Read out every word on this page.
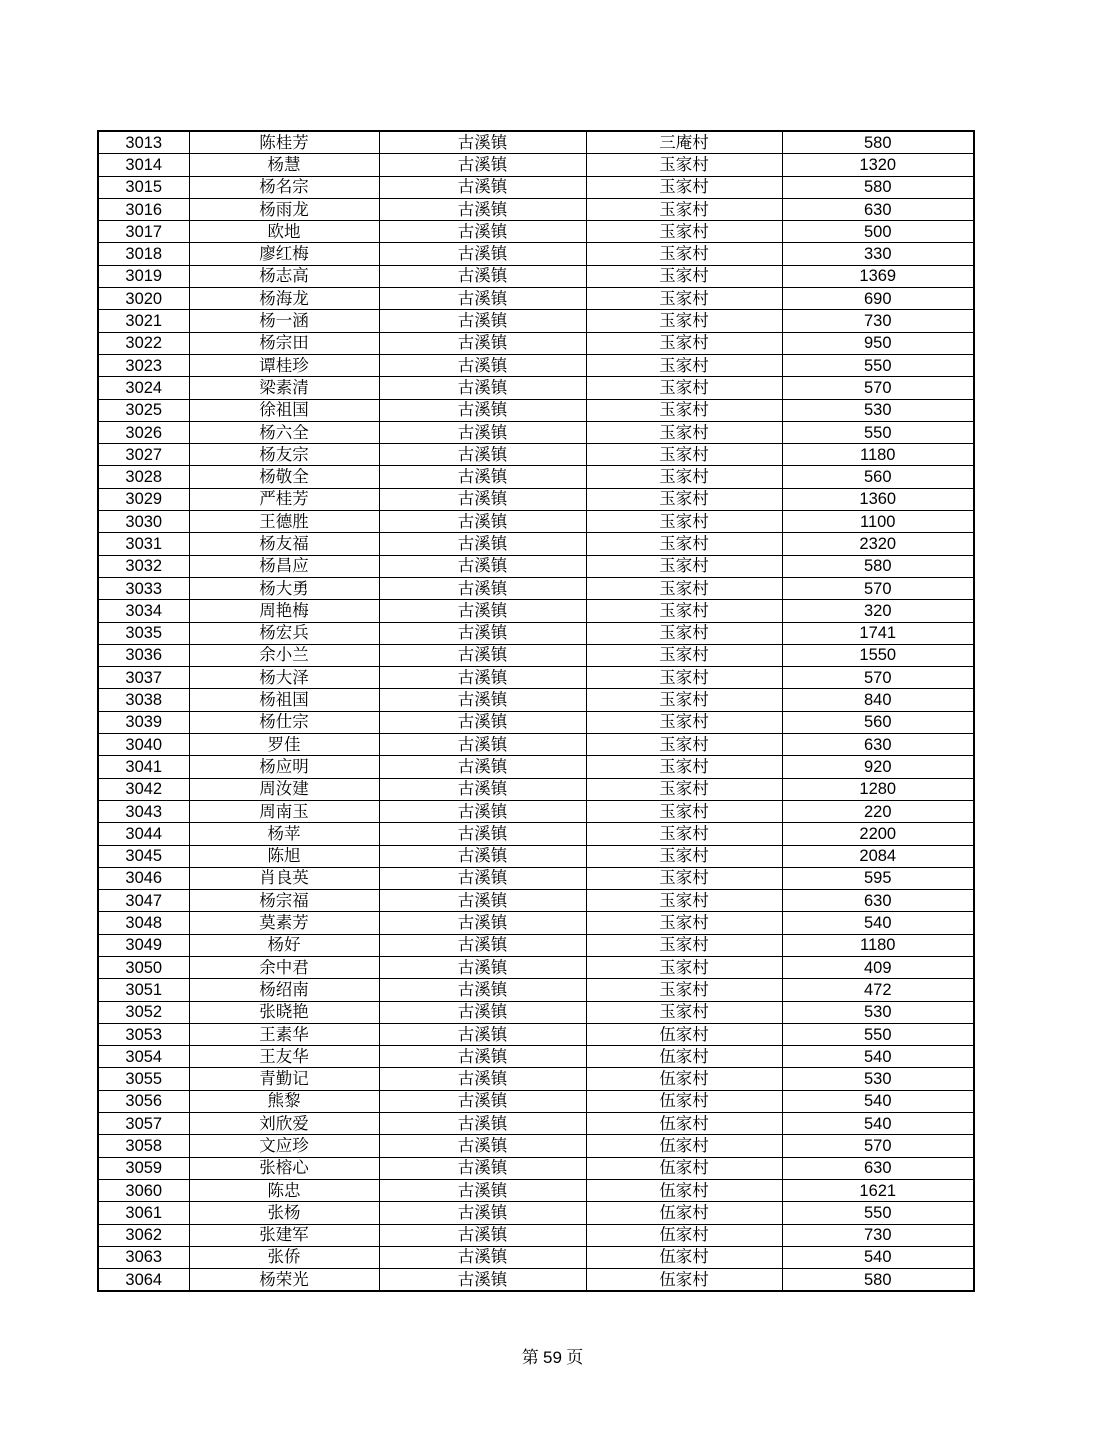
3013	陈桂芳	古溪镇	三庵村	580
3014	杨慧	古溪镇	玉家村	1320
3015	杨名宗	古溪镇	玉家村	580
3016	杨雨龙	古溪镇	玉家村	630
3017	欧地	古溪镇	玉家村	500
3018	廖红梅	古溪镇	玉家村	330
3019	杨志高	古溪镇	玉家村	1369
3020	杨海龙	古溪镇	玉家村	690
3021	杨一涵	古溪镇	玉家村	730
3022	杨宗田	古溪镇	玉家村	950
3023	谭桂珍	古溪镇	玉家村	550
3024	梁素清	古溪镇	玉家村	570
3025	徐祖国	古溪镇	玉家村	530
3026	杨六全	古溪镇	玉家村	550
3027	杨友宗	古溪镇	玉家村	1180
3028	杨敬全	古溪镇	玉家村	560
3029	严桂芳	古溪镇	玉家村	1360
3030	王德胜	古溪镇	玉家村	1100
3031	杨友福	古溪镇	玉家村	2320
3032	杨昌应	古溪镇	玉家村	580
3033	杨大勇	古溪镇	玉家村	570
3034	周艳梅	古溪镇	玉家村	320
3035	杨宏兵	古溪镇	玉家村	1741
3036	余小兰	古溪镇	玉家村	1550
3037	杨大泽	古溪镇	玉家村	570
3038	杨祖国	古溪镇	玉家村	840
3039	杨仕宗	古溪镇	玉家村	560
3040	罗佳	古溪镇	玉家村	630
3041	杨应明	古溪镇	玉家村	920
3042	周汝建	古溪镇	玉家村	1280
3043	周南玉	古溪镇	玉家村	220
3044	杨苹	古溪镇	玉家村	2200
3045	陈旭	古溪镇	玉家村	2084
3046	肖良英	古溪镇	玉家村	595
3047	杨宗福	古溪镇	玉家村	630
3048	莫素芳	古溪镇	玉家村	540
3049	杨好	古溪镇	玉家村	1180
3050	余中君	古溪镇	玉家村	409
3051	杨绍南	古溪镇	玉家村	472
3052	张晓艳	古溪镇	玉家村	530
3053	王素华	古溪镇	伍家村	550
3054	王友华	古溪镇	伍家村	540
3055	青勤记	古溪镇	伍家村	530
3056	熊黎	古溪镇	伍家村	540
3057	刘欣爱	古溪镇	伍家村	540
3058	文应珍	古溪镇	伍家村	570
3059	张榕心	古溪镇	伍家村	630
3060	陈忠	古溪镇	伍家村	1621
3061	张杨	古溪镇	伍家村	550
3062	张建军	古溪镇	伍家村	730
3063	张侨	古溪镇	伍家村	540
3064	杨荣光	古溪镇	伍家村	580
第 59 页
